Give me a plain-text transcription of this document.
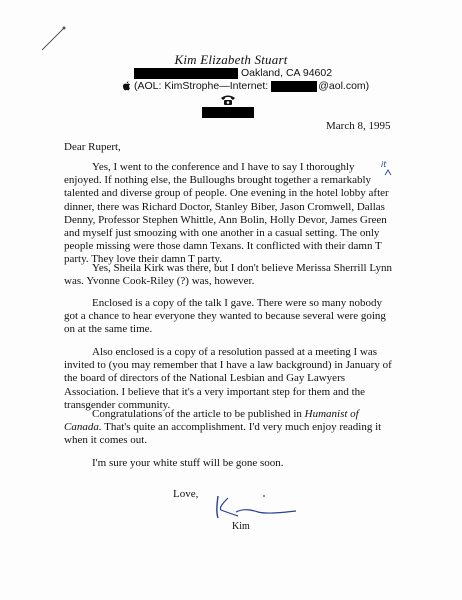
Kim Elizabeth Stuart
Oakland, CA 94602
(AOL: KimStrophe—Internet:	@aol.com)
March 8, 1995
Dear Rupert,
it

Yes, I went to the conference and I have to say I thoroughly enjoyed. If nothing else, the Bulloughs brought together a remarkably talented and diverse group of people. One evening in the hotel lobby after dinner, there was Richard Doctor, Stanley Biber, Jason Cromwell, Dallas Denny, Professor Stephen Whittle, Ann Bolin, Holly Devor, James Green and myself just smoozing with one another in a casual setting. The only people missing were those damn Texans. It conflicted with their damn T party. They love their damn T party.

Yes, Sheila Kirk was there, but I don't believe Merissa Sherrill Lynn was. Yvonne Cook-Riley (?) was, however.

Enclosed is a copy of the talk I gave. There were so many nobody got a chance to hear everyone they wanted to because several were going on at the same time.

Also enclosed is a copy of a resolution passed at a meeting I was invited to (you may remember that I have a law background) in January of the board of directors of the National Lesbian and Gay Lawyers Association. I believe that it's a very important step for them and the transgender community.

Congratulations of the article to be published in Humanist of Canada. That's quite an accomplishment. I'd very much enjoy reading it when it comes out.

I'm sure your white stuff will be gone soon.

Love,
Kim
